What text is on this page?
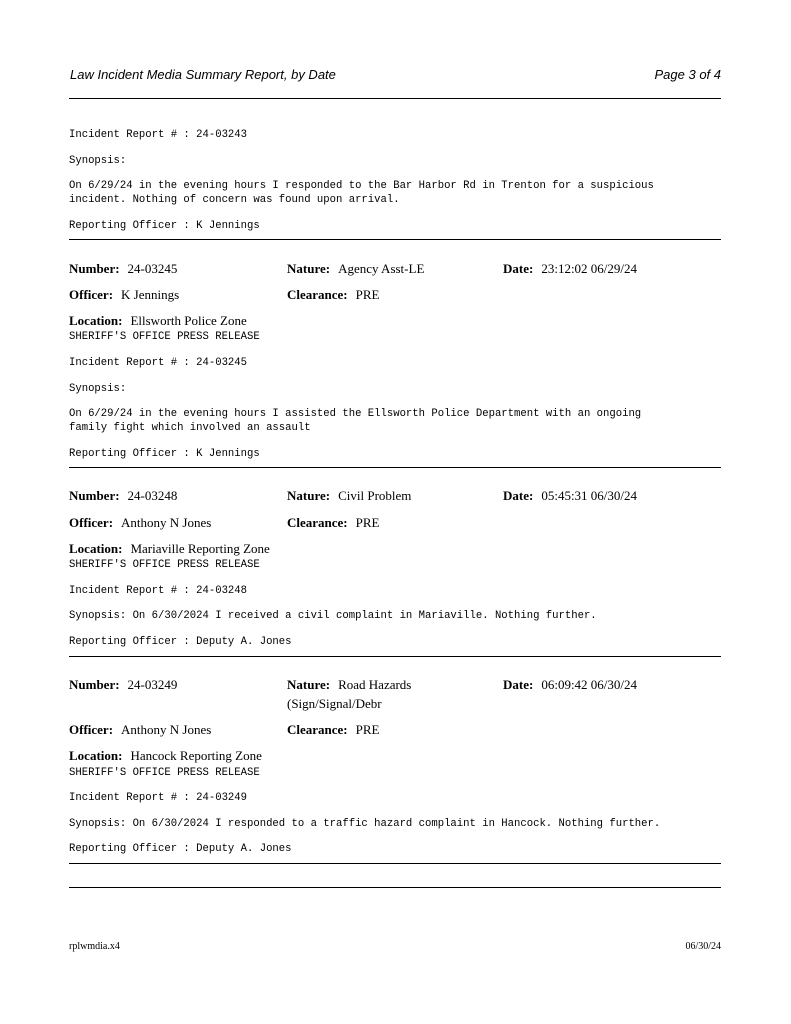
Law Incident Media Summary Report, by Date	Page 3 of 4
Incident Report # : 24-03243
Synopsis:
On 6/29/24 in the evening hours I responded to the Bar Harbor Rd in Trenton for a suspicious
incident. Nothing of concern was found upon arrival.
Reporting Officer : K Jennings
Number: 24-03245	Nature: Agency Asst-LE	Date: 23:12:02 06/29/24
Officer: K Jennings	Clearance: PRE
Location: Ellsworth Police Zone
SHERIFF'S OFFICE PRESS RELEASE
Incident Report # : 24-03245
Synopsis:
On 6/29/24 in the evening hours I assisted the Ellsworth Police Department with an ongoing
family fight which involved an assault
Reporting Officer : K Jennings
Number: 24-03248	Nature: Civil Problem	Date: 05:45:31 06/30/24
Officer: Anthony N Jones	Clearance: PRE
Location: Mariaville Reporting Zone
SHERIFF'S OFFICE PRESS RELEASE
Incident Report # : 24-03248
Synopsis: On 6/30/2024 I received a civil complaint in Mariaville. Nothing further.
Reporting Officer : Deputy A. Jones
Number: 24-03249	Nature: Road Hazards
(Sign/Signal/Debr
Date: 06:09:42 06/30/24
Officer: Anthony N Jones	Clearance: PRE
Location: Hancock Reporting Zone
SHERIFF'S OFFICE PRESS RELEASE
Incident Report # : 24-03249
Synopsis: On 6/30/2024 I responded to a traffic hazard complaint in Hancock. Nothing further.
Reporting Officer : Deputy A. Jones
rplwmdia.x4	06/30/24
